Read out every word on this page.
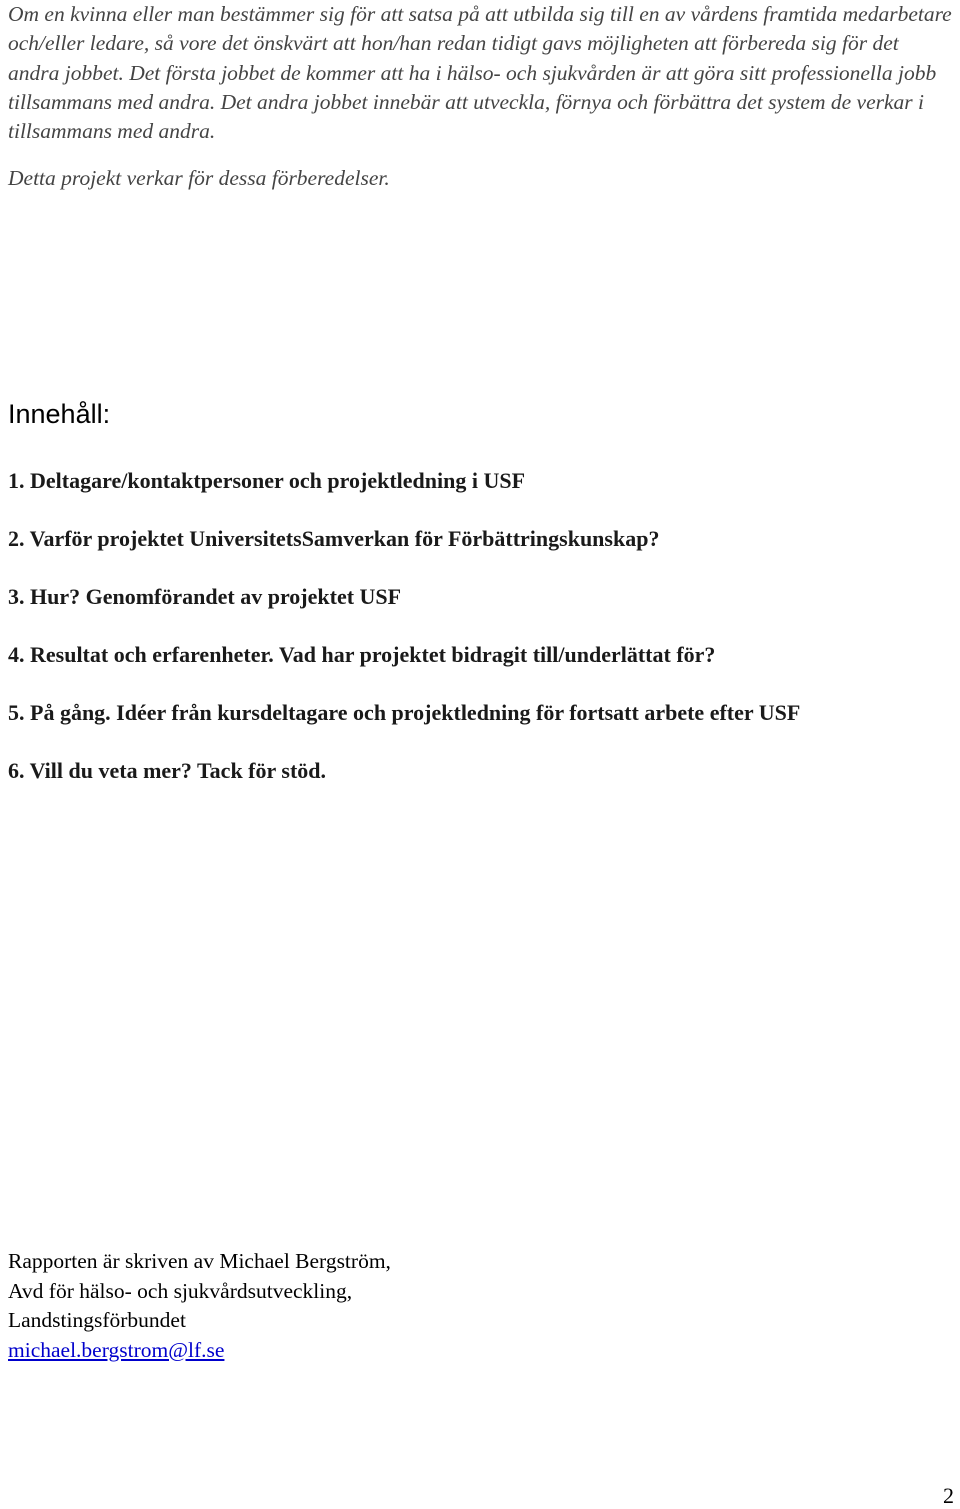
Om en kvinna eller man bestämmer sig för att satsa på att utbilda sig till en av vårdens framtida medarbetare och/eller ledare, så vore det önskvärt att hon/han redan tidigt gavs möjligheten att förbereda sig för det andra jobbet. Det första jobbet de kommer att ha i hälso- och sjukvården är att göra sitt professionella jobb tillsammans med andra. Det andra jobbet innebär att utveckla, förnya och förbättra det system de verkar i tillsammans med andra.

Detta projekt verkar för dessa förberedelser.

Innehåll:
1. Deltagare/kontaktpersoner och projektledning i USF
2. Varför projektet UniversitetsSamverkan för Förbättringskunskap?
3. Hur? Genomförandet av projektet USF
4. Resultat och erfarenheter. Vad har projektet bidragit till/underlättat för?
5. På gång. Idéer från kursdeltagare och projektledning för fortsatt arbete efter USF
6. Vill du veta mer? Tack för stöd.
Rapporten är skriven av Michael Bergström,
Avd för hälso- och sjukvårdsutveckling,
Landstingsförbundet
michael.bergstrom@lf.se
2
